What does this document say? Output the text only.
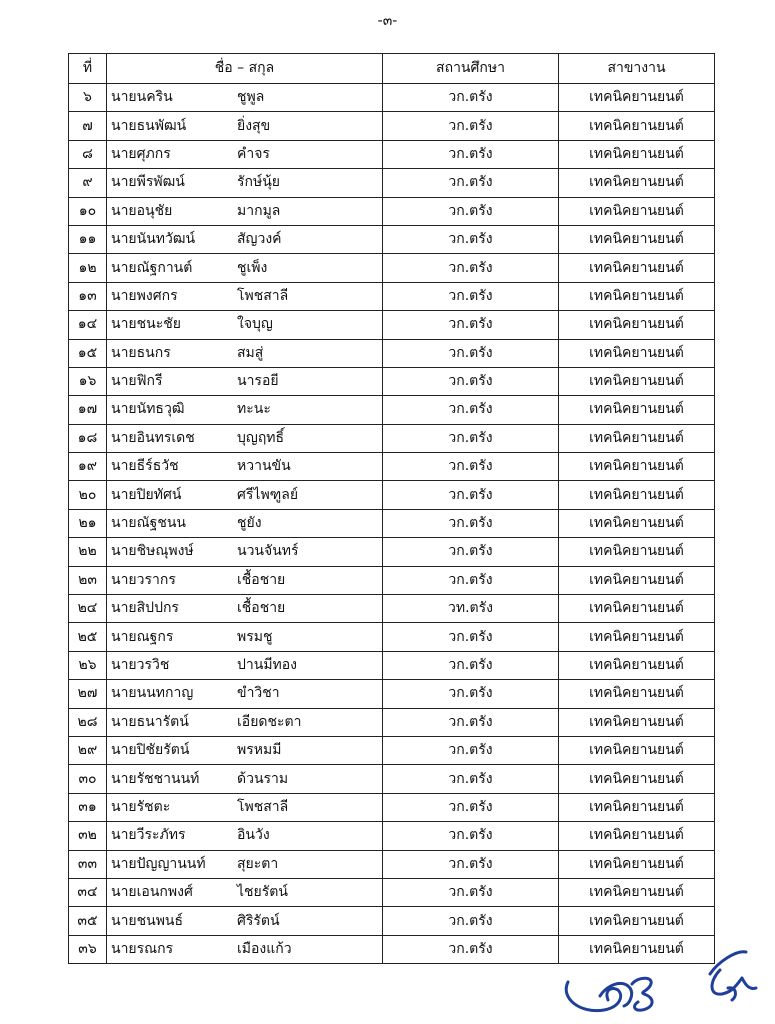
-๓-
ที่	ชื่อ – สกุล	สถานศึกษา	สาขางาน
๖	นายนคริน ชูพูล	วก.ตรัง	เทคนิคยานยนต์
๗	นายธนพัฒน์ ยิ่งสุข	วก.ตรัง	เทคนิคยานยนต์
๘	นายศุภกร คำจร	วก.ตรัง	เทคนิคยานยนต์
๙	นายพีรพัฒน์ รักษ์นุ้ย	วก.ตรัง	เทคนิคยานยนต์
๑๐	นายอนุชัย มากมูล	วก.ตรัง	เทคนิคยานยนต์
๑๑	นายนันทวัฒน์ สัญวงค์	วก.ตรัง	เทคนิคยานยนต์
๑๒	นายณัฐกานต์ ชูเพ็ง	วก.ตรัง	เทคนิคยานยนต์
๑๓	นายพงศกร โพชสาลี	วก.ตรัง	เทคนิคยานยนต์
๑๔	นายชนะชัย ใจบุญ	วก.ตรัง	เทคนิคยานยนต์
๑๕	นายธนกร สมสู่	วก.ตรัง	เทคนิคยานยนต์
๑๖	นายฟิกรี นารอยี	วก.ตรัง	เทคนิคยานยนต์
๑๗	นายนัทธวุฒิ ทะนะ	วก.ตรัง	เทคนิคยานยนต์
๑๘	นายอินทรเดช บุญฤทธิ์	วก.ตรัง	เทคนิคยานยนต์
๑๙	นายธีร์ธวัช หวานขัน	วก.ตรัง	เทคนิคยานยนต์
๒๐	นายปิยทัศน์ ศรีไพฑูลย์	วก.ตรัง	เทคนิคยานยนต์
๒๑	นายณัฐชนน ชูยัง	วก.ตรัง	เทคนิคยานยนต์
๒๒	นายชิษณุพงษ์ นวนจันทร์	วก.ตรัง	เทคนิคยานยนต์
๒๓	นายวรากร เชื้อชาย	วก.ตรัง	เทคนิคยานยนต์
๒๔	นายสิปปกร เชื้อชาย	วท.ตรัง	เทคนิคยานยนต์
๒๕	นายณฐกร พรมชู	วก.ตรัง	เทคนิคยานยนต์
๒๖	นายวรวิช ปานมีทอง	วก.ตรัง	เทคนิคยานยนต์
๒๗	นายนนทกาญ ขำวิชา	วก.ตรัง	เทคนิคยานยนต์
๒๘	นายธนารัตน์ เอียดชะตา	วก.ตรัง	เทคนิคยานยนต์
๒๙	นายปิชัยรัตน์ พรหมมี	วก.ตรัง	เทคนิคยานยนต์
๓๐	นายรัชชานนท์ ด้วนราม	วก.ตรัง	เทคนิคยานยนต์
๓๑	นายรัชตะ โพชสาลี	วก.ตรัง	เทคนิคยานยนต์
๓๒	นายวีระภัทร อินวัง	วก.ตรัง	เทคนิคยานยนต์
๓๓	นายปัญญานนท์ สุยะตา	วก.ตรัง	เทคนิคยานยนต์
๓๔	นายเอนกพงศ์ ไชยรัตน์	วก.ตรัง	เทคนิคยานยนต์
๓๕	นายชนพนธ์ ศิริรัตน์	วก.ตรัง	เทคนิคยานยนต์
๓๖	นายรณกร เมืองแก้ว	วก.ตรัง	เทคนิคยานยนต์
